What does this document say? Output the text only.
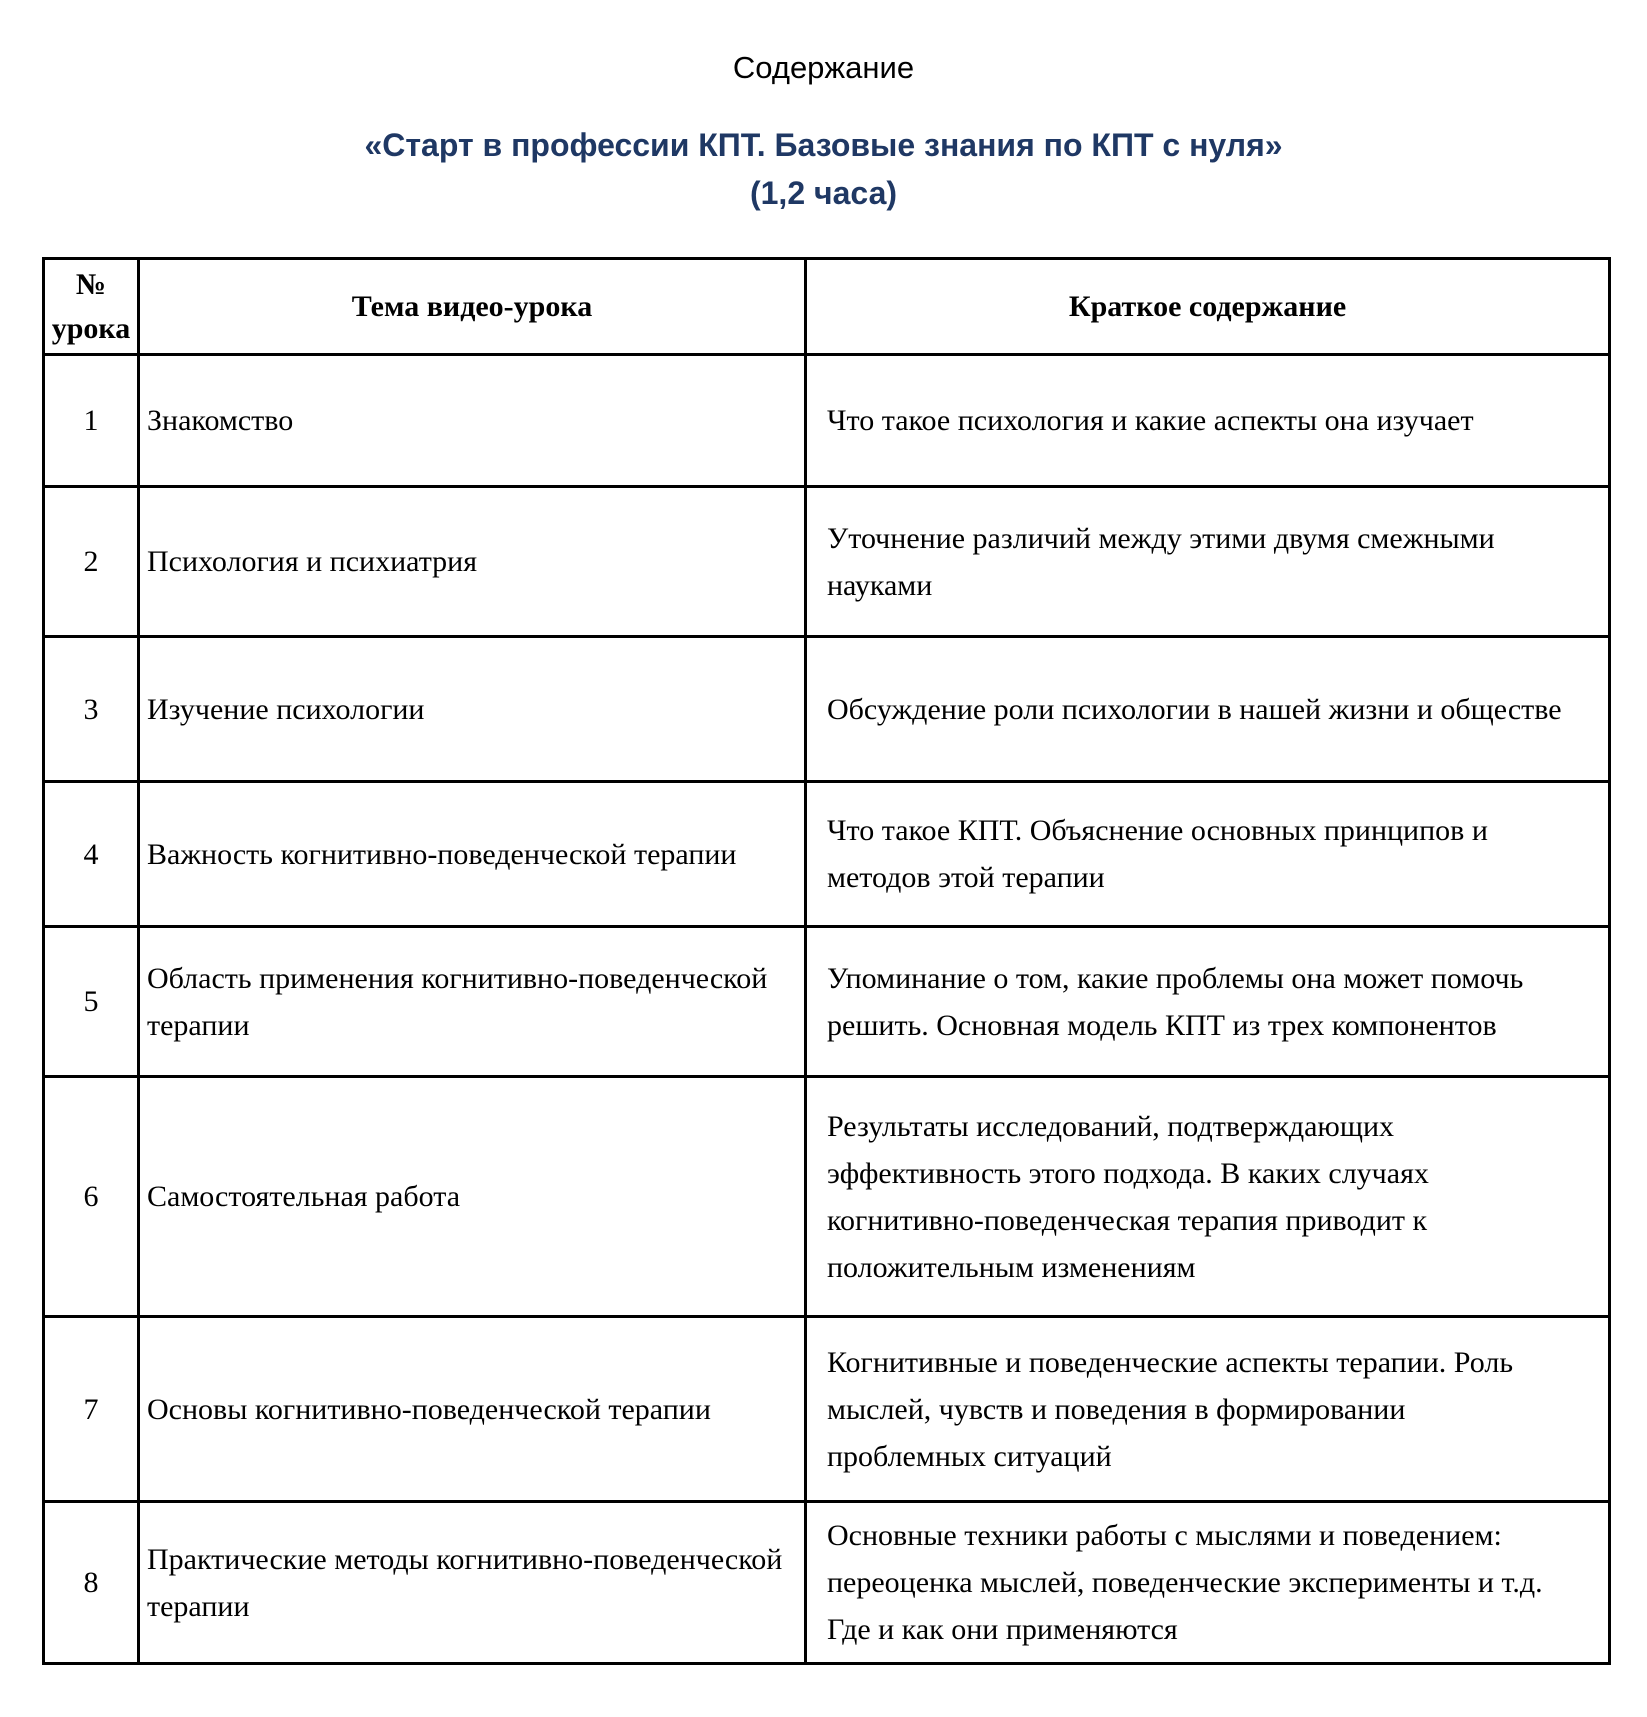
Содержание
«Старт в профессии КПТ. Базовые знания по КПТ с нуля»
(1,2 часа)
№ урока	Тема видео-урока	Краткое содержание
1	Знакомство	Что такое психология и какие аспекты она изучает
2	Психология и психиатрия	Уточнение различий между этими двумя смежными науками
3	Изучение психологии	Обсуждение роли психологии в нашей жизни и обществе
4	Важность когнитивно-поведенческой терапии	Что такое КПТ. Объяснение основных принципов и методов этой терапии
5	Область применения когнитивно-поведенческой терапии	Упоминание о том, какие проблемы она может помочь решить. Основная модель КПТ из трех компонентов
6	Самостоятельная работа	Результаты исследований, подтверждающих эффективность этого подхода. В каких случаях когнитивно-поведенческая терапия приводит к положительным изменениям
7	Основы когнитивно-поведенческой терапии	Когнитивные и поведенческие аспекты терапии. Роль мыслей, чувств и поведения в формировании проблемных ситуаций
8	Практические методы когнитивно-поведенческой терапии	Основные техники работы с мыслями и поведением: переоценка мыслей, поведенческие эксперименты и т.д. Где и как они применяются
